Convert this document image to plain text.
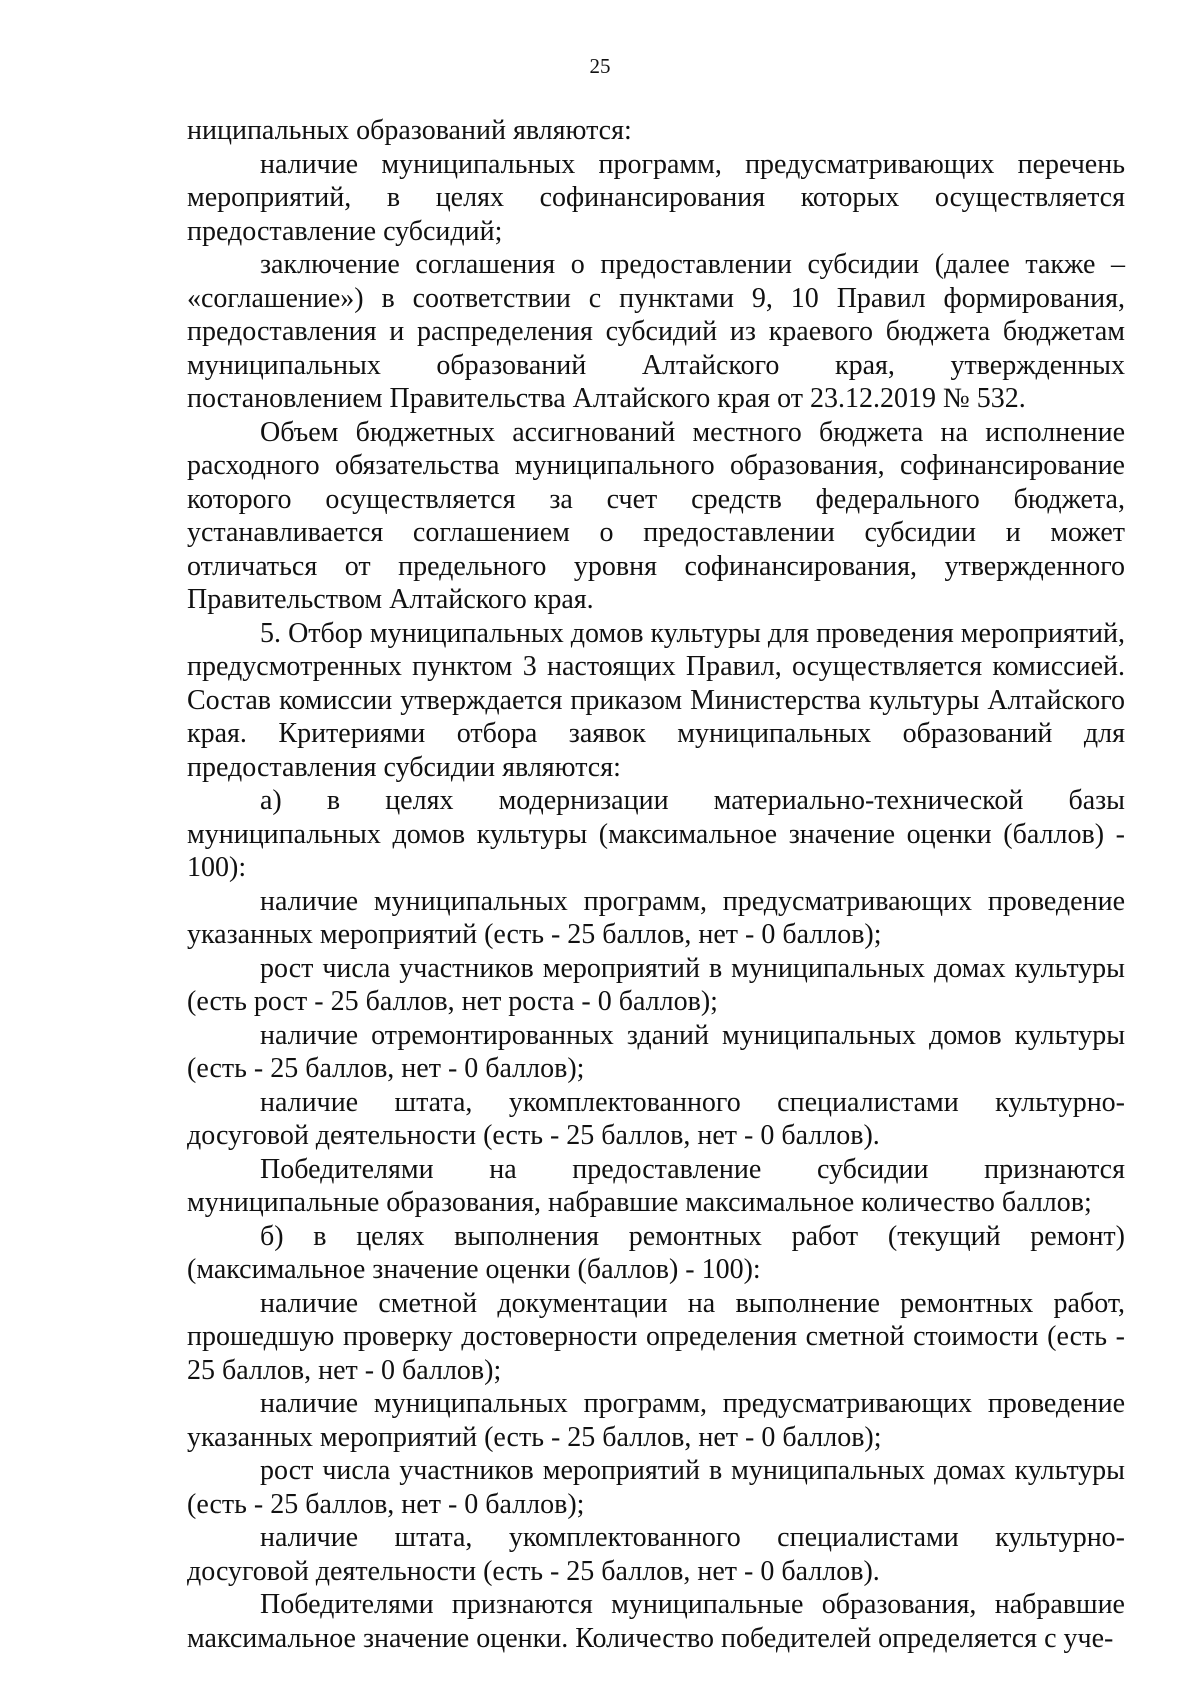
25

ниципальных образований являются:

наличие муниципальных программ, предусматривающих перечень мероприятий, в целях софинансирования которых осуществляется предоставление субсидий;

заключение соглашения о предоставлении субсидии (далее также – «соглашение») в соответствии с пунктами 9, 10 Правил формирования, предоставления и распределения субсидий из краевого бюджета бюджетам муниципальных образований Алтайского края, утвержденных постановлением Правительства Алтайского края от 23.12.2019 № 532.

Объем бюджетных ассигнований местного бюджета на исполнение расходного обязательства муниципального образования, софинансирование которого осуществляется за счет средств федерального бюджета, устанавливается соглашением о предоставлении субсидии и может отличаться от предельного уровня софинансирования, утвержденного Правительством Алтайского края.

5. Отбор муниципальных домов культуры для проведения мероприятий, предусмотренных пунктом 3 настоящих Правил, осуществляется комиссией. Состав комиссии утверждается приказом Министерства культуры Алтайского края. Критериями отбора заявок муниципальных образований для предоставления субсидии являются:

а) в целях модернизации материально-технической базы муниципальных домов культуры (максимальное значение оценки (баллов) - 100):

наличие муниципальных программ, предусматривающих проведение указанных мероприятий (есть - 25 баллов, нет - 0 баллов);

рост числа участников мероприятий в муниципальных домах культуры (есть рост - 25 баллов, нет роста - 0 баллов);

наличие отремонтированных зданий муниципальных домов культуры (есть - 25 баллов, нет - 0 баллов);

наличие штата, укомплектованного специалистами культурно-досуговой деятельности (есть - 25 баллов, нет - 0 баллов).

Победителями на предоставление субсидии признаются муниципальные образования, набравшие максимальное количество баллов;

б) в целях выполнения ремонтных работ (текущий ремонт) (максимальное значение оценки (баллов) - 100):

наличие сметной документации на выполнение ремонтных работ, прошедшую проверку достоверности определения сметной стоимости (есть - 25 баллов, нет - 0 баллов);

наличие муниципальных программ, предусматривающих проведение указанных мероприятий (есть - 25 баллов, нет - 0 баллов);

рост числа участников мероприятий в муниципальных домах культуры (есть - 25 баллов, нет - 0 баллов);

наличие штата, укомплектованного специалистами культурно-досуговой деятельности (есть - 25 баллов, нет - 0 баллов).

Победителями признаются муниципальные образования, набравшие максимальное значение оценки. Количество победителей определяется с уче-
